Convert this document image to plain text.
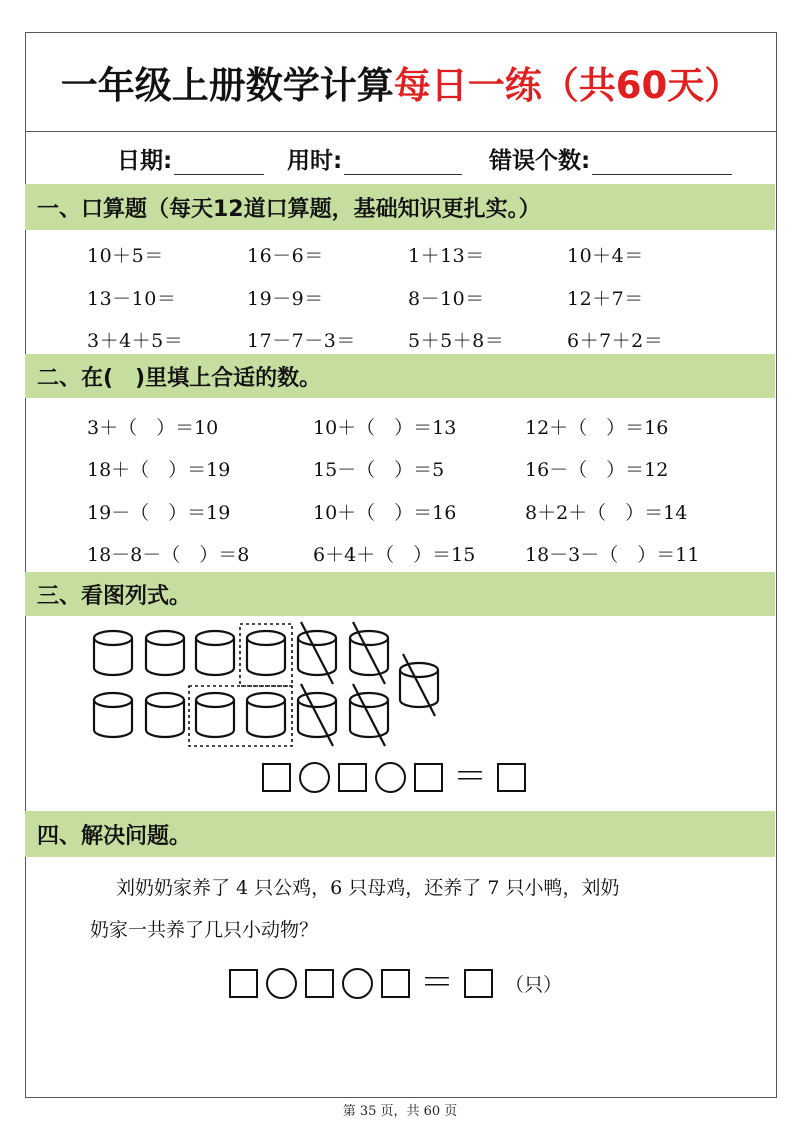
一年级上册数学计算 每日一练（共60天）
日期:	用时:	错误个数:
一、口算题（每天12道口算题，基础知识更扎实。）
10＋5＝	16－6＝	1＋13＝	10＋4＝
13－10＝	19－9＝	8－10＝	12＋7＝
3＋4＋5＝	17－7－3＝	5＋5＋8＝	6＋7＋2＝
二、在(　)里填上合适的数。
3＋（　）＝10	10＋（　）＝13	12＋（　）＝16
18＋（　）＝19	15－（　）＝5	16－（　）＝12
19－（　）＝19	10＋（　）＝16	8＋2＋（　）＝14
18－8－（　）＝8	6＋4＋（　）＝15	18－3－（　）＝11
三、看图列式。
＝
四、解决问题。
刘奶奶家养了 4 只公鸡，6 只母鸡，还养了 7 只小鸭，刘奶
奶家一共养了几只小动物？
＝	（只）
第 35 页，共 60 页
